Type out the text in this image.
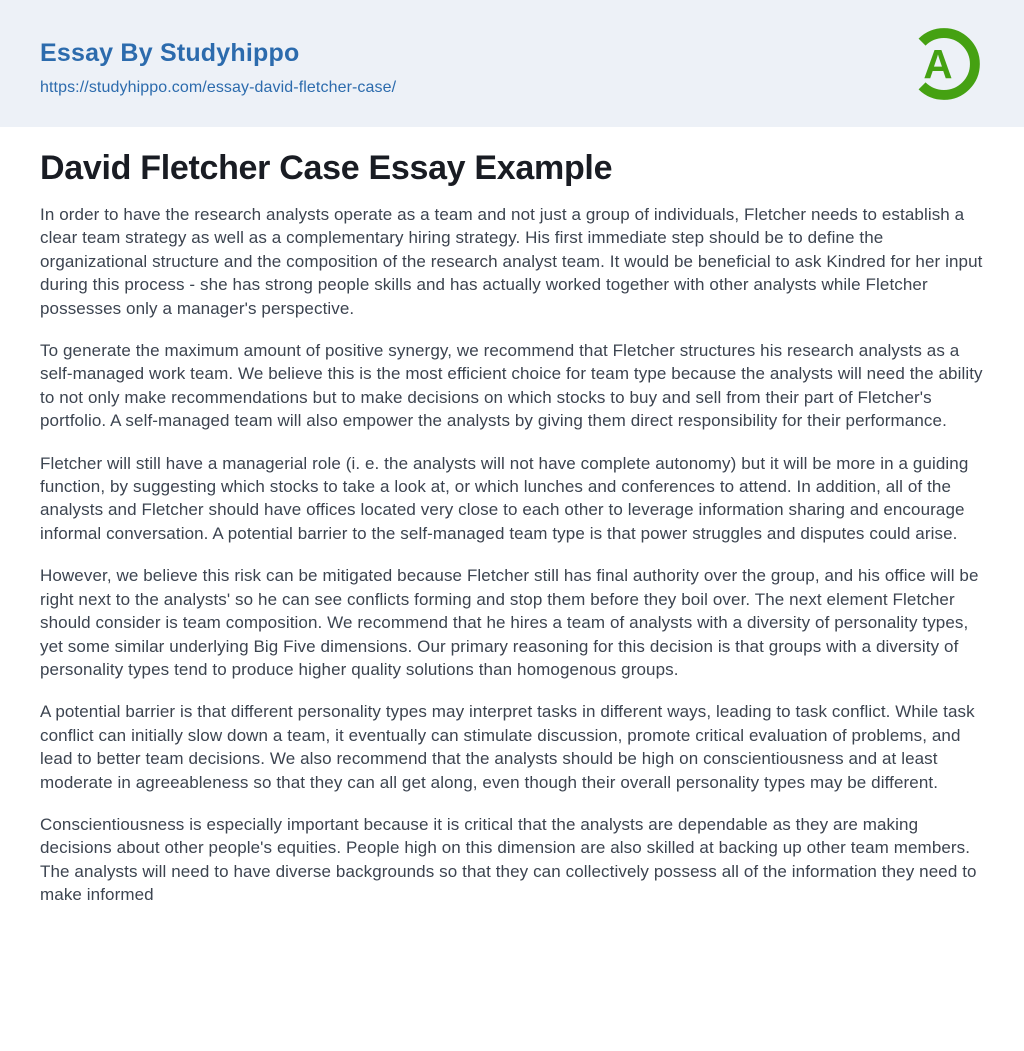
Essay By Studyhippo
https://studyhippo.com/essay-david-fletcher-case/
A
David Fletcher Case Essay Example

In order to have the research analysts operate as a team and not just a group of individuals, Fletcher needs to establish a clear team strategy as well as a complementary hiring strategy. His first immediate step should be to define the organizational structure and the composition of the research analyst team. It would be beneficial to ask Kindred for her input during this process - she has strong people skills and has actually worked together with other analysts while Fletcher possesses only a manager's perspective.

To generate the maximum amount of positive synergy, we recommend that Fletcher structures his research analysts as a self-managed work team. We believe this is the most efficient choice for team type because the analysts will need the ability to not only make recommendations but to make decisions on which stocks to buy and sell from their part of Fletcher's portfolio. A self-managed team will also empower the analysts by giving them direct responsibility for their performance.

Fletcher will still have a managerial role (i. e. the analysts will not have complete autonomy) but it will be more in a guiding function, by suggesting which stocks to take a look at, or which lunches and conferences to attend. In addition, all of the analysts and Fletcher should have offices located very close to each other to leverage information sharing and encourage informal conversation. A potential barrier to the self-managed team type is that power struggles and disputes could arise.

However, we believe this risk can be mitigated because Fletcher still has final authority over the group, and his office will be right next to the analysts' so he can see conflicts forming and stop them before they boil over. The next element Fletcher should consider is team composition. We recommend that he hires a team of analysts with a diversity of personality types, yet some similar underlying Big Five dimensions. Our primary reasoning for this decision is that groups with a diversity of personality types tend to produce higher quality solutions than homogenous groups.

A potential barrier is that different personality types may interpret tasks in different ways, leading to task conflict. While task conflict can initially slow down a team, it eventually can stimulate discussion, promote critical evaluation of problems, and lead to better team decisions. We also recommend that the analysts should be high on conscientiousness and at least moderate in agreeableness so that they can all get along, even though their overall personality types may be different.

Conscientiousness is especially important because it is critical that the analysts are dependable as they are making decisions about other people's equities. People high on this dimension are also skilled at backing up other team members. The analysts will need to have diverse backgrounds so that they can collectively possess all of the information they need to make informed
